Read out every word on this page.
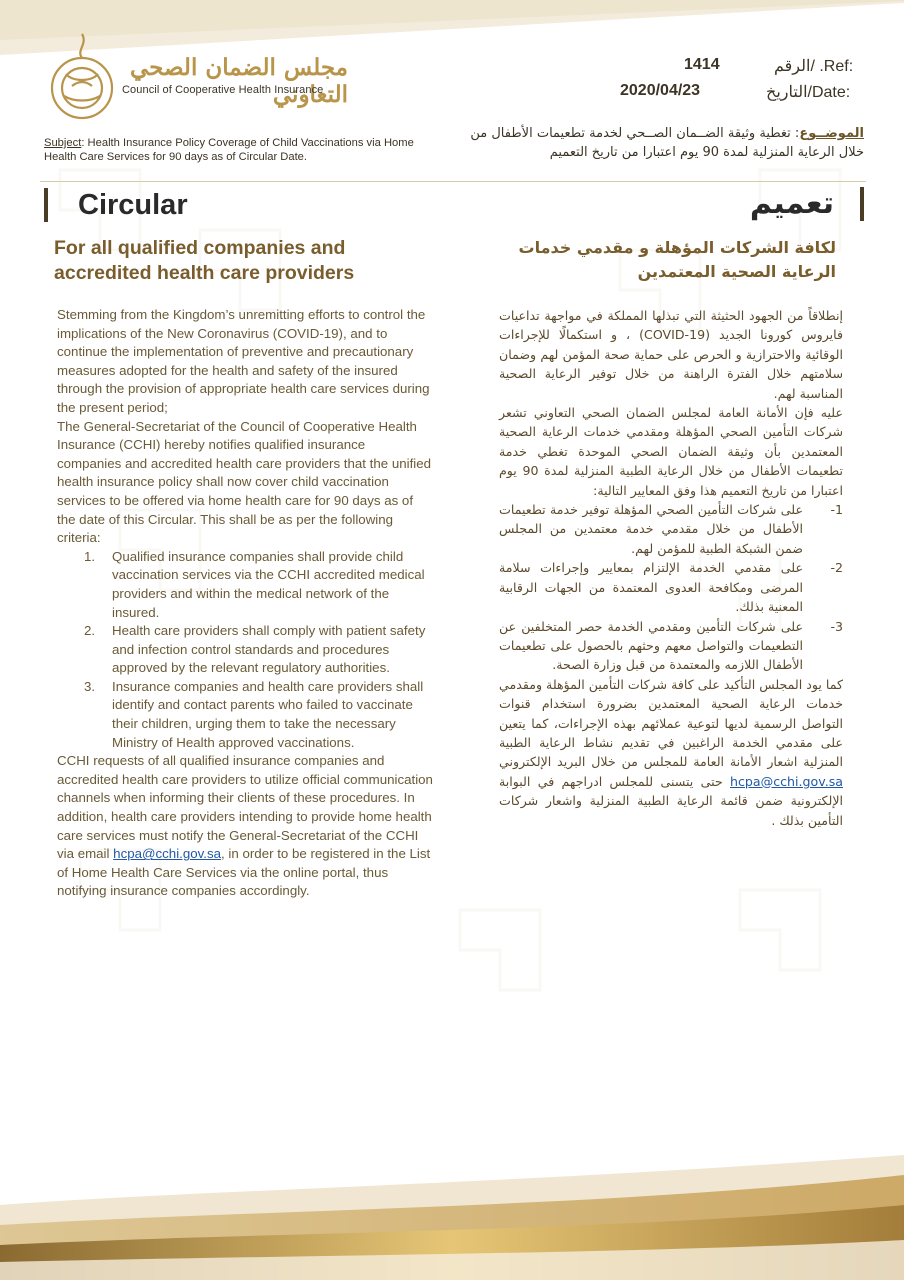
مجلس الضمان الصحي التعاوني
Council of Cooperative Health Insurance
Subject: Health Insurance Policy Coverage of Child Vaccinations via Home Health Care Services for 90 days as of Circular Date.
1414	الرقم/ .Ref:
2020/04/23	التاريخ/Date:
الموضــوع: تغطية وثيقة الضــمان الصــحي لخدمة تطعيمات الأطفال من خلال الرعاية المنزلية لمدة 90 يوم اعتبارا من تاريخ التعميم
Circular	تعميم
For all qualified companies and accredited health care providers
لكافة الشركات المؤهلة و مقدمي خدمات الرعاية الصحية المعتمدين

Stemming from the Kingdom’s unremitting efforts to control the implications of the New Coronavirus (COVID-19), and to continue the implementation of preventive and precautionary measures adopted for the health and safety of the insured through the provision of appropriate health care services during the present period;

The General-Secretariat of the Council of Cooperative Health Insurance (CCHI) hereby notifies qualified insurance companies and accredited health care providers that the unified health insurance policy shall now cover child vaccination services to be offered via home health care for 90 days as of the date of this Circular. This shall be as per the following criteria:

1. Qualified insurance companies shall provide child vaccination services via the CCHI accredited medical providers and within the medical network of the insured.
2. Health care providers shall comply with patient safety and infection control standards and procedures approved by the relevant regulatory authorities.
3. Insurance companies and health care providers shall identify and contact parents who failed to vaccinate their children, urging them to take the necessary Ministry of Health approved vaccinations.

CCHI requests of all qualified insurance companies and accredited health care providers to utilize official communication channels when informing their clients of these procedures. In addition, health care providers intending to provide home health care services must notify the General-Secretariat of the CCHI via email hcpa@cchi.gov.sa, in order to be registered in the List of Home Health Care Services via the online portal, thus notifying insurance companies accordingly.

إنطلاقاً من الجهود الحثيثة التي تبذلها المملكة في مواجهة تداعيات فايروس كورونا الجديد (COVID-19) ، و استكمالًا للإجراءات الوقائية والاحترازية و الحرص على حماية صحة المؤمن لهم وضمان سلامتهم خلال الفترة الراهنة من خلال توفير الرعاية الصحية المناسبة لهم.

عليه فإن الأمانة العامة لمجلس الضمان الصحي التعاوني تشعر شركات التأمين الصحي المؤهلة ومقدمي خدمات الرعاية الصحية المعتمدين بأن وثيقة الضمان الصحي الموحدة تغطي خدمة تطعيمات الأطفال من خلال الرعاية الطبية المنزلية لمدة 90 يوم اعتبارا من تاريخ التعميم هذا وفق المعايير التالية:

-1
على شركات التأمين الصحي المؤهلة توفير خدمة تطعيمات الأطفال من خلال مقدمي خدمة معتمدين من المجلس ضمن الشبكة الطبية للمؤمن لهم.
-2
على مقدمي الخدمة الإلتزام بمعايير وإجراءات سلامة المرضى ومكافحة العدوى المعتمدة من الجهات الرقابية المعنية بذلك.
-3
على شركات التأمين ومقدمي الخدمة حصر المتخلفين عن التطعيمات والتواصل معهم وحثهم بالحصول على تطعيمات الأطفال اللازمه والمعتمدة من قبل وزارة الصحة.

كما يود المجلس التأكيد على كافة شركات التأمين المؤهلة ومقدمي خدمات الرعاية الصحية المعتمدين بضرورة استخدام قنوات التواصل الرسمية لديها لتوعية عملائهم بهذه الإجراءات، كما يتعين على مقدمي الخدمة الراغبين في تقديم نشاط الرعاية الطبية المنزلية اشعار الأمانة العامة للمجلس من خلال البريد الإلكتروني hcpa@cchi.gov.sa حتى يتسنى للمجلس ادراجهم في البوابة الإلكترونية ضمن قائمة الرعاية الطبية المنزلية واشعار شركات التأمين بذلك .
